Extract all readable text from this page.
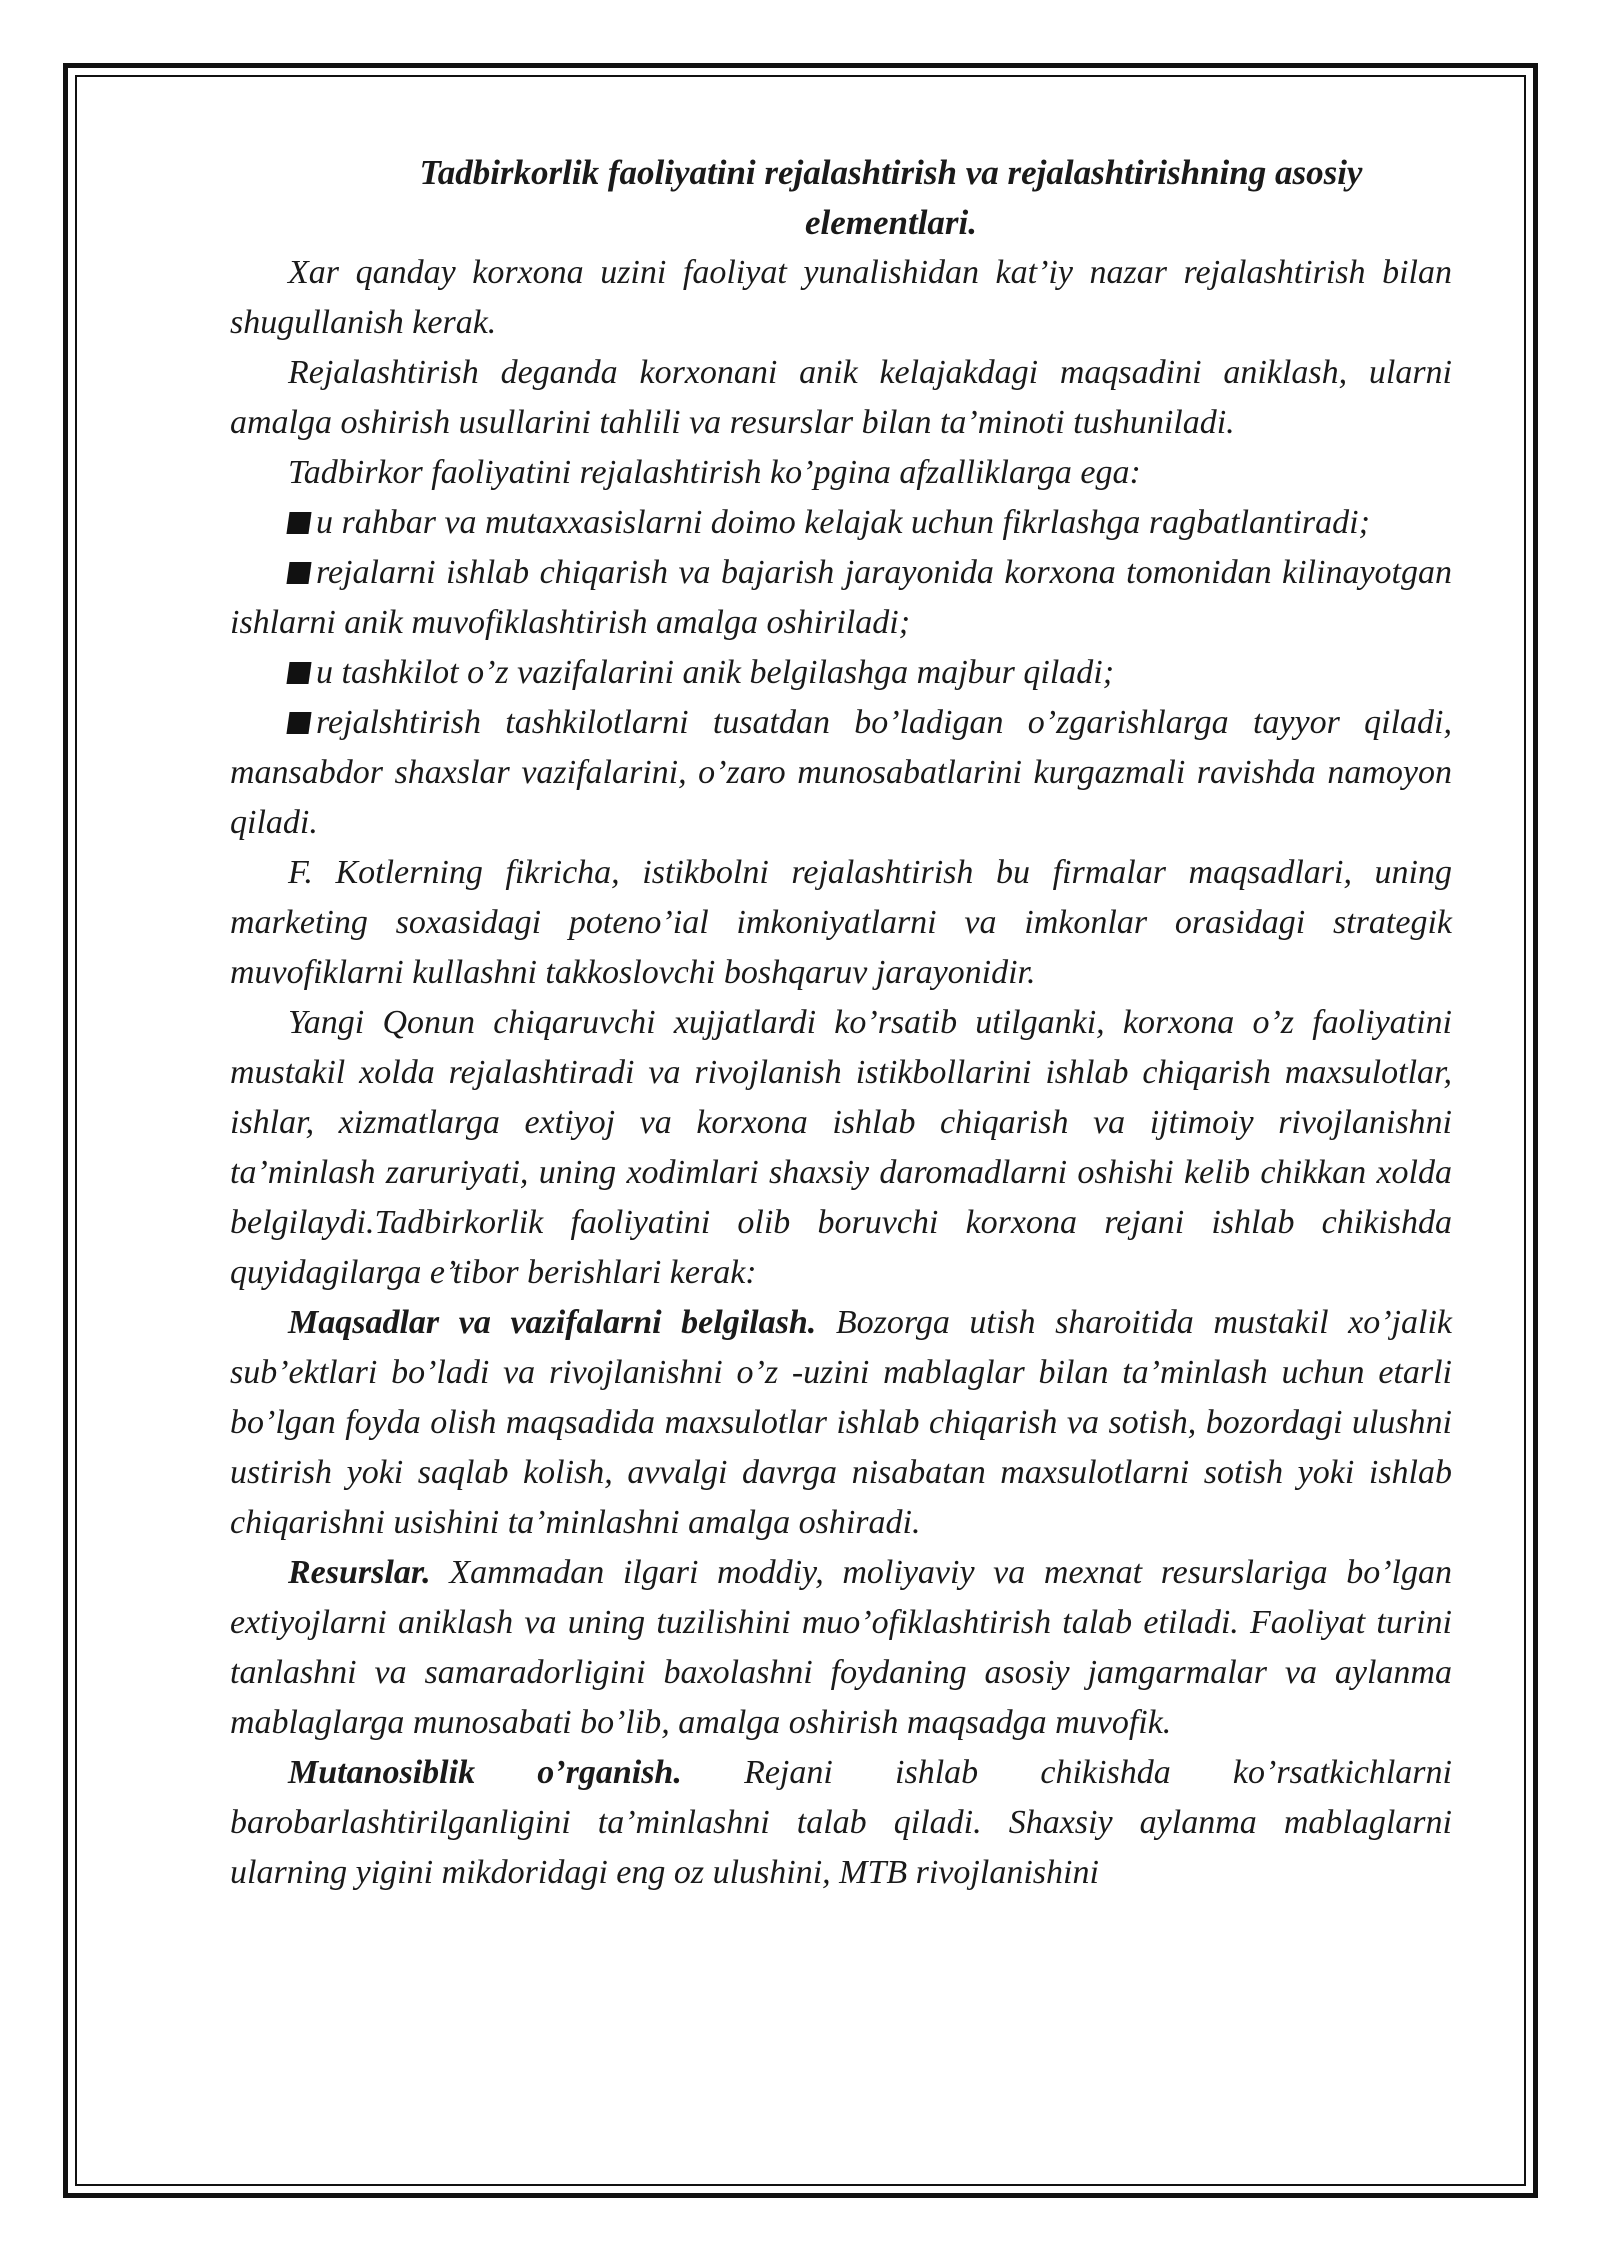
Tadbirkorlik faoliyatini rejalashtirish va rejalashtirishning asosiy elementlari.

Xar qanday korxona uzini faoliyat yunalishidan kat’iy nazar rejalashtirish bilan shugullanish kerak.

Rejalashtirish deganda korxonani anik kelajakdagi maqsadini aniklash, ularni amalga oshirish usullarini tahlili va resurslar bilan ta’minoti tushuniladi.

Tadbirkor faoliyatini rejalashtirish ko’pgina afzalliklarga ega:

u rahbar va mutaxxasislarni doimo kelajak uchun fikrlashga ragbatlantiradi;

rejalarni ishlab chiqarish va bajarish jarayonida korxona tomonidan kilinayotgan ishlarni anik muvofiklashtirish amalga oshiriladi;

u tashkilot o’z vazifalarini anik belgilashga majbur qiladi;

rejalshtirish tashkilotlarni tusatdan bo’ladigan o’zgarishlarga tayyor qiladi, mansabdor shaxslar vazifalarini, o’zaro munosabatlarini kurgazmali ravishda namoyon qiladi.

F. Kotlerning fikricha, istikbolni rejalashtirish bu firmalar maqsadlari, uning marketing soxasidagi poteno’ial imkoniyatlarni va imkonlar orasidagi strategik muvofiklarni kullashni takkoslovchi boshqaruv jarayonidir.

Yangi Qonun chiqaruvchi xujjatlardi ko’rsatib utilganki, korxona o’z faoliyatini mustakil xolda rejalashtiradi va rivojlanish istikbollarini ishlab chiqarish maxsulotlar, ishlar, xizmatlarga extiyoj va korxona ishlab chiqarish va ijtimoiy rivojlanishni ta’minlash zaruriyati, uning xodimlari shaxsiy daromadlarni oshishi kelib chikkan xolda belgilaydi.Tadbirkorlik faoliyatini olib boruvchi korxona rejani ishlab chikishda quyidagilarga e’tibor berishlari kerak:

Maqsadlar va vazifalarni belgilash. Bozorga utish sharoitida mustakil xo’jalik sub’ektlari bo’ladi va rivojlanishni o’z -uzini mablaglar bilan ta’minlash uchun etarli bo’lgan foyda olish maqsadida maxsulotlar ishlab chiqarish va sotish, bozordagi ulushni ustirish yoki saqlab kolish, avvalgi davrga nisabatan maxsulotlarni sotish yoki ishlab chiqarishni usishini ta’minlashni amalga oshiradi.

Resurslar. Xammadan ilgari moddiy, moliyaviy va mexnat resurslariga bo’lgan extiyojlarni aniklash va uning tuzilishini muo’ofiklashtirish talab etiladi. Faoliyat turini tanlashni va samaradorligini baxolashni foydaning asosiy jamgarmalar va aylanma mablaglarga munosabati bo’lib, amalga oshirish maqsadga muvofik.

Mutanosiblik o’rganish. Rejani ishlab chikishda ko’rsatkichlarni barobarlashtirilganligini ta’minlashni talab qiladi. Shaxsiy aylanma mablaglarni ularning yigini mikdoridagi eng oz ulushini, MTB rivojlanishini
